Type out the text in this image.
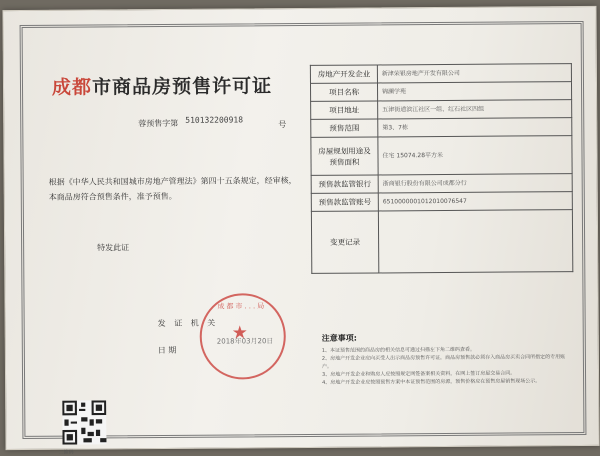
成都市商品房预售许可证
蓉预售字第 510132200918	号
根据《中华人民共和国城市房地产管理法》第四十五条规定，经审核，本商品房符合预售条件，准予预售。
特发此证
发 证 机 关
日 期
成都市...局
★
2018年03月20日
二维码
房地产开发企业	新津荣银房地产开发有限公司
项目名称	锦澜学苑
项目地址	五津街道滨江社区一组、红石社区四组
预售范围	第3、7栋
房屋规划用途及预售面积	住宅 15074.28平方米
预售款监管银行	浙商银行股份有限公司成都分行
预售款监管账号	6510000001012010076547
变更记录	
注意事项:
1、本证预售范围的商品房的相关信息可通过扫描左下角二维码查看。
2、房地产开发企业应向买受人出示商品房预售许可证，商品房预售款必须存入商品房买卖合同所指定的专用账户。
3、房地产开发企业和购房人应按照规定网签备案相关资料，在网上签订房屋交易合同。
4、房地产开发企业应按照预售方案中本证预售范围的房源，预售价格应在预售房屋销售现场公示。
